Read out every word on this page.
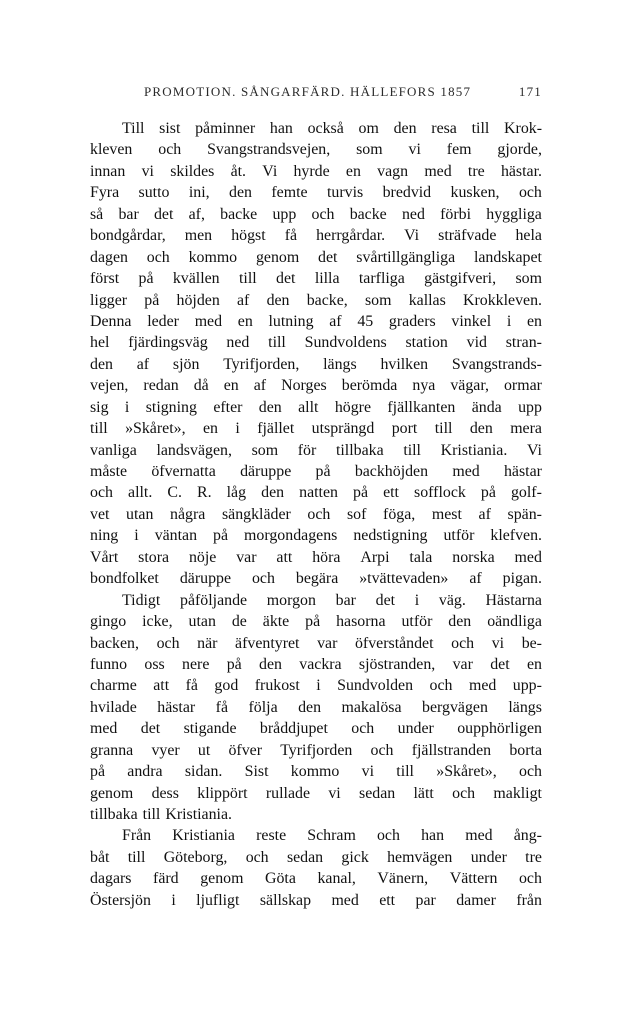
PROMOTION. SÅNGARFÄRD. HÄLLEFORS 1857	171
Till sist påminner han också om den resa till Krok-
kleven och Svangstrandsvejen, som vi fem gjorde,
innan vi skildes åt. Vi hyrde en vagn med tre hästar.
Fyra sutto ini, den femte turvis bredvid kusken, och
så bar det af, backe upp och backe ned förbi hyggliga
bondgårdar, men högst få herrgårdar. Vi sträfvade hela
dagen och kommo genom det svårtillgängliga landskapet
först på kvällen till det lilla tarfliga gästgifveri, som
ligger på höjden af den backe, som kallas Krokkleven.
Denna leder med en lutning af 45 graders vinkel i en
hel fjärdingsväg ned till Sundvoldens station vid stran-
den af sjön Tyrifjorden, längs hvilken Svangstrands-
vejen, redan då en af Norges berömda nya vägar, ormar
sig i stigning efter den allt högre fjällkanten ända upp
till »Skåret», en i fjället utsprängd port till den mera
vanliga landsvägen, som för tillbaka till Kristiania. Vi
måste öfvernatta däruppe på backhöjden med hästar
och allt. C. R. låg den natten på ett sofflock på golf-
vet utan några sängkläder och sof föga, mest af spän-
ning i väntan på morgondagens nedstigning utför klefven.
Vårt stora nöje var att höra Arpi tala norska med
bondfolket däruppe och begära »tvättevaden» af pigan.
Tidigt påföljande morgon bar det i väg. Hästarna
gingo icke, utan de äkte på hasorna utför den oändliga
backen, och när äfventyret var öfverståndet och vi be-
funno oss nere på den vackra sjöstranden, var det en
charme att få god frukost i Sundvolden och med upp-
hvilade hästar få följa den makalösa bergvägen längs
med det stigande bråddjupet och under oupphörligen
granna vyer ut öfver Tyrifjorden och fjällstranden borta
på andra sidan. Sist kommo vi till »Skåret», och
genom dess klippört rullade vi sedan lätt och makligt
tillbaka till Kristiania.
Från Kristiania reste Schram och han med ång-
båt till Göteborg, och sedan gick hemvägen under tre
dagars färd genom Göta kanal, Vänern, Vättern och
Östersjön i ljufligt sällskap med ett par damer från
